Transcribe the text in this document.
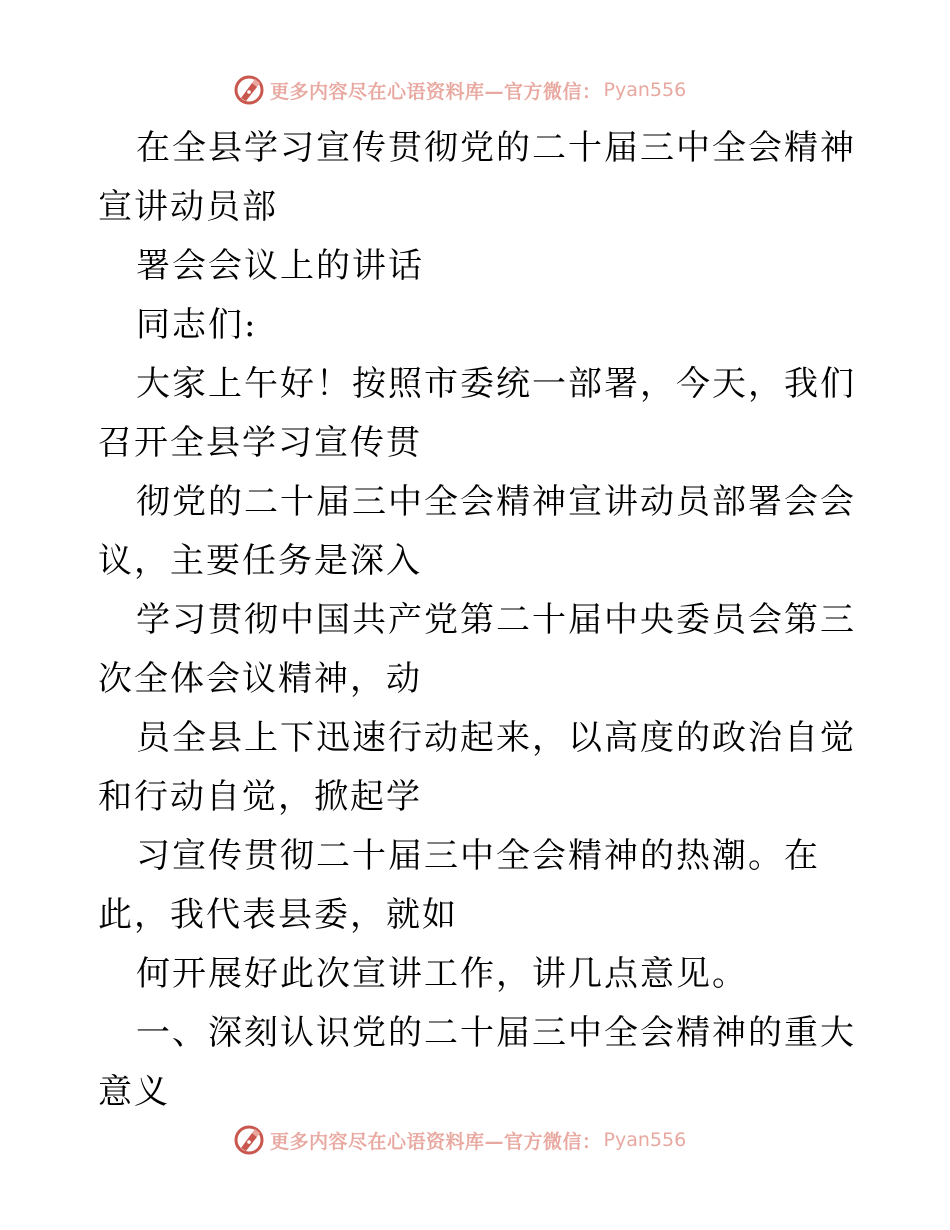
更多内容尽在心语资料库—官方微信： Pyan556

在全县学习宣传贯彻党的二十届三中全会精神宣讲动员部

署会会议上的讲话

同志们:

大家上午好！按照市委统一部署，今天，我们召开全县学习宣传贯

彻党的二十届三中全会精神宣讲动员部署会会议，主要任务是深入

学习贯彻中国共产党第二十届中央委员会第三次全体会议精神，动

员全县上下迅速行动起来，以高度的政治自觉和行动自觉，掀起学

习宣传贯彻二十届三中全会精神的热潮。在此，我代表县委，就如

何开展好此次宣讲工作，讲几点意见。

一、深刻认识党的二十届三中全会精神的重大意义

更多内容尽在心语资料库—官方微信： Pyan556
